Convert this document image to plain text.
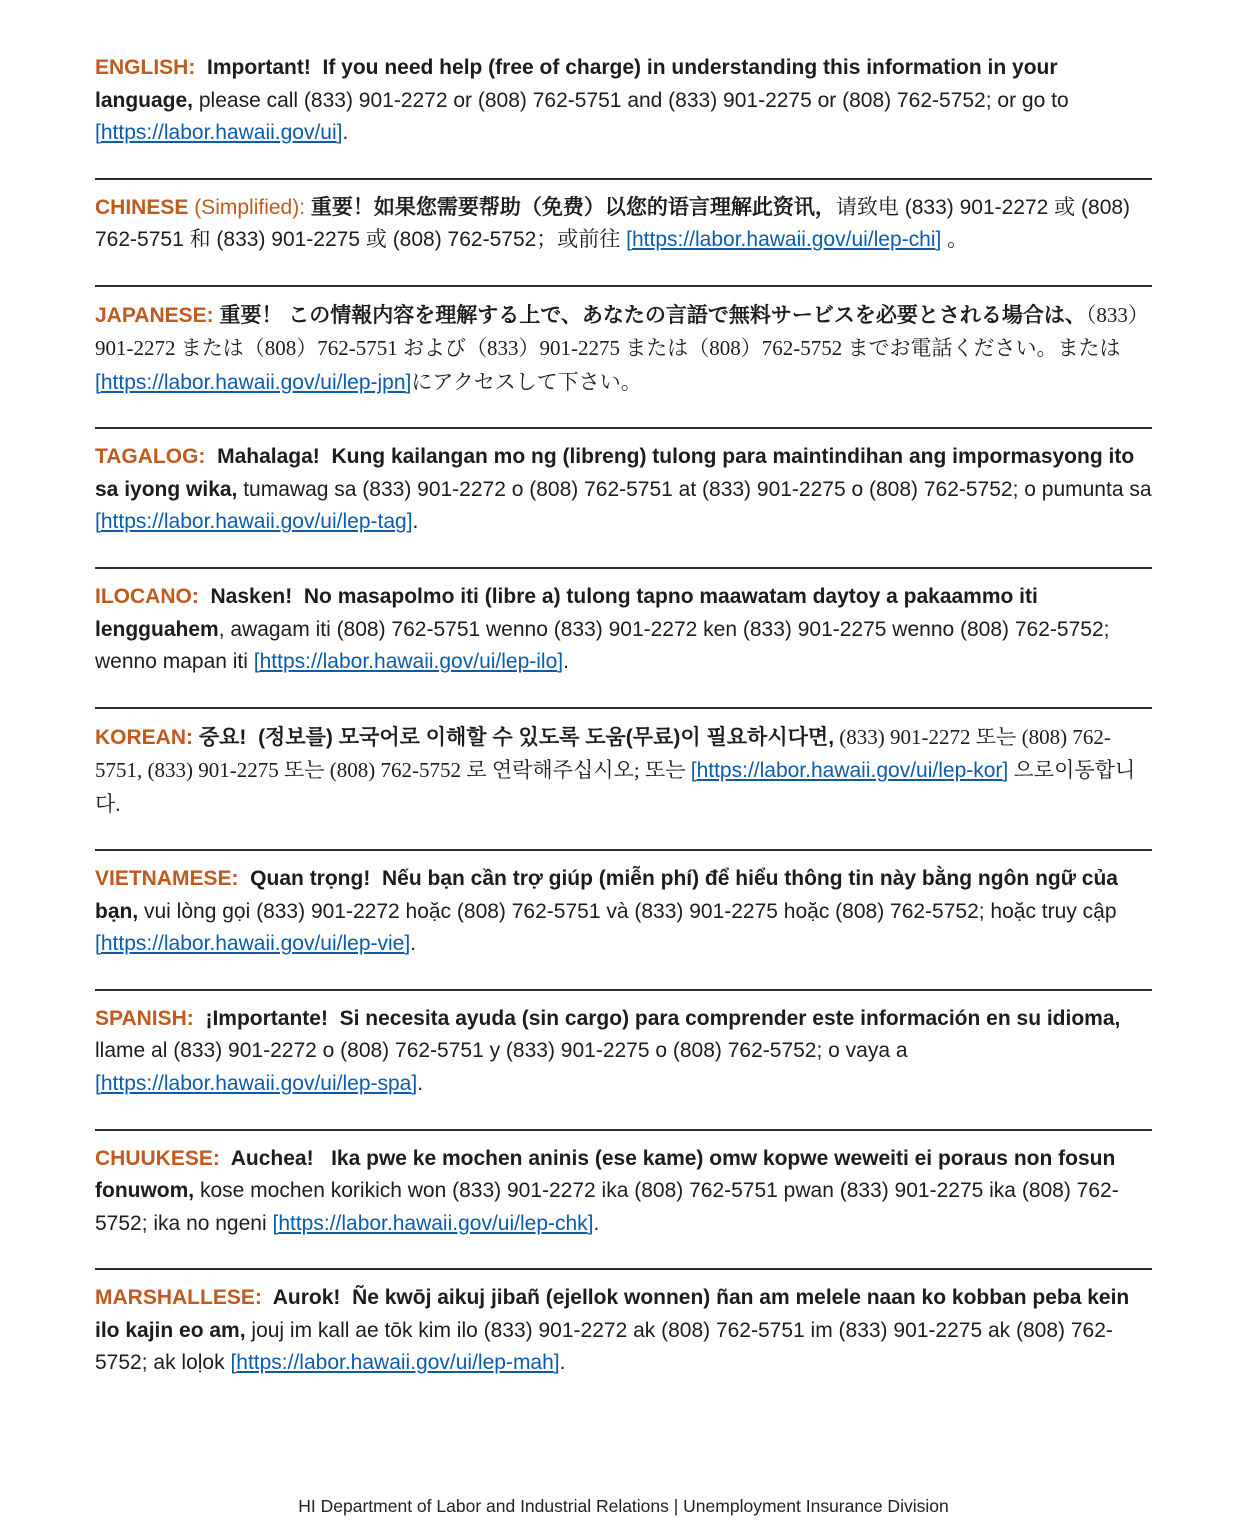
ENGLISH:  Important!  If you need help (free of charge) in understanding this information in your language, please call (833) 901-2272 or (808) 762-5751 and (833) 901-2275 or (808) 762-5752; or go to [https://labor.hawaii.gov/ui].

CHINESE (Simplified): 重要！如果您需要帮助（免费）以您的语言理解此资讯，请致电 (833) 901-2272 或 (808) 762-5751 和 (833) 901-2275 或 (808) 762-5752；或前往 [https://labor.hawaii.gov/ui/lep-chi] 。

JAPANESE: 重要！ この情報内容を理解する上で、あなたの言語で無料サービスを必要とされる場合は、（833）901-2272 または（808）762-5751 および（833）901-2275 または（808）762-5752 までお電話ください。または [https://labor.hawaii.gov/ui/lep-jpn]にアクセスして下さい。

TAGALOG:  Mahalaga!  Kung kailangan mo ng (libreng) tulong para maintindihan ang impormasyong ito sa iyong wika, tumawag sa (833) 901-2272 o (808) 762-5751 at (833) 901-2275 o (808) 762-5752; o pumunta sa [https://labor.hawaii.gov/ui/lep-tag].

ILOCANO:  Nasken!  No masapolmo iti (libre a) tulong tapno maawatam daytoy a pakaammo iti lengguahem, awagam iti (808) 762-5751 wenno (833) 901-2272 ken (833) 901-2275 wenno (808) 762-5752; wenno mapan iti [https://labor.hawaii.gov/ui/lep-ilo].

KOREAN: 중요!  (정보를) 모국어로 이해할 수 있도록 도움(무료)이 필요하시다면, (833) 901-2272 또는 (808) 762-5751, (833) 901-2275 또는 (808) 762-5752 로 연락해주십시오; 또는 [https://labor.hawaii.gov/ui/lep-kor] 으로이동합니다.

VIETNAMESE:  Quan trọng!  Nếu bạn cần trợ giúp (miễn phí) để hiểu thông tin này bằng ngôn ngữ của bạn, vui lòng gọi (833) 901-2272 hoặc (808) 762-5751 và (833) 901-2275 hoặc (808) 762-5752; hoặc truy cập [https://labor.hawaii.gov/ui/lep-vie].

SPANISH:  ¡Importante!  Si necesita ayuda (sin cargo) para comprender este información en su idioma, llame al (833) 901-2272 o (808) 762-5751 y (833) 901-2275 o (808) 762-5752; o vaya a [https://labor.hawaii.gov/ui/lep-spa].

CHUUKESE:  Auchea!   Ika pwe ke mochen aninis (ese kame) omw kopwe weweiti ei poraus non fosun fonuwom, kose mochen korikich won (833) 901-2272 ika (808) 762-5751 pwan (833) 901-2275 ika (808) 762-5752; ika no ngeni [https://labor.hawaii.gov/ui/lep-chk].

MARSHALLESE:  Aurok!  Ñe kwōj aikuj jibañ (ejellok wonnen) ñan am melele naan ko kobban peba kein ilo kajin eo am, jouj im kall ae tōk kim ilo (833) 901-2272 ak (808) 762-5751 im (833) 901-2275 ak (808) 762-5752; ak loḷok [https://labor.hawaii.gov/ui/lep-mah].

HI Department of Labor and Industrial Relations | Unemployment Insurance Division
